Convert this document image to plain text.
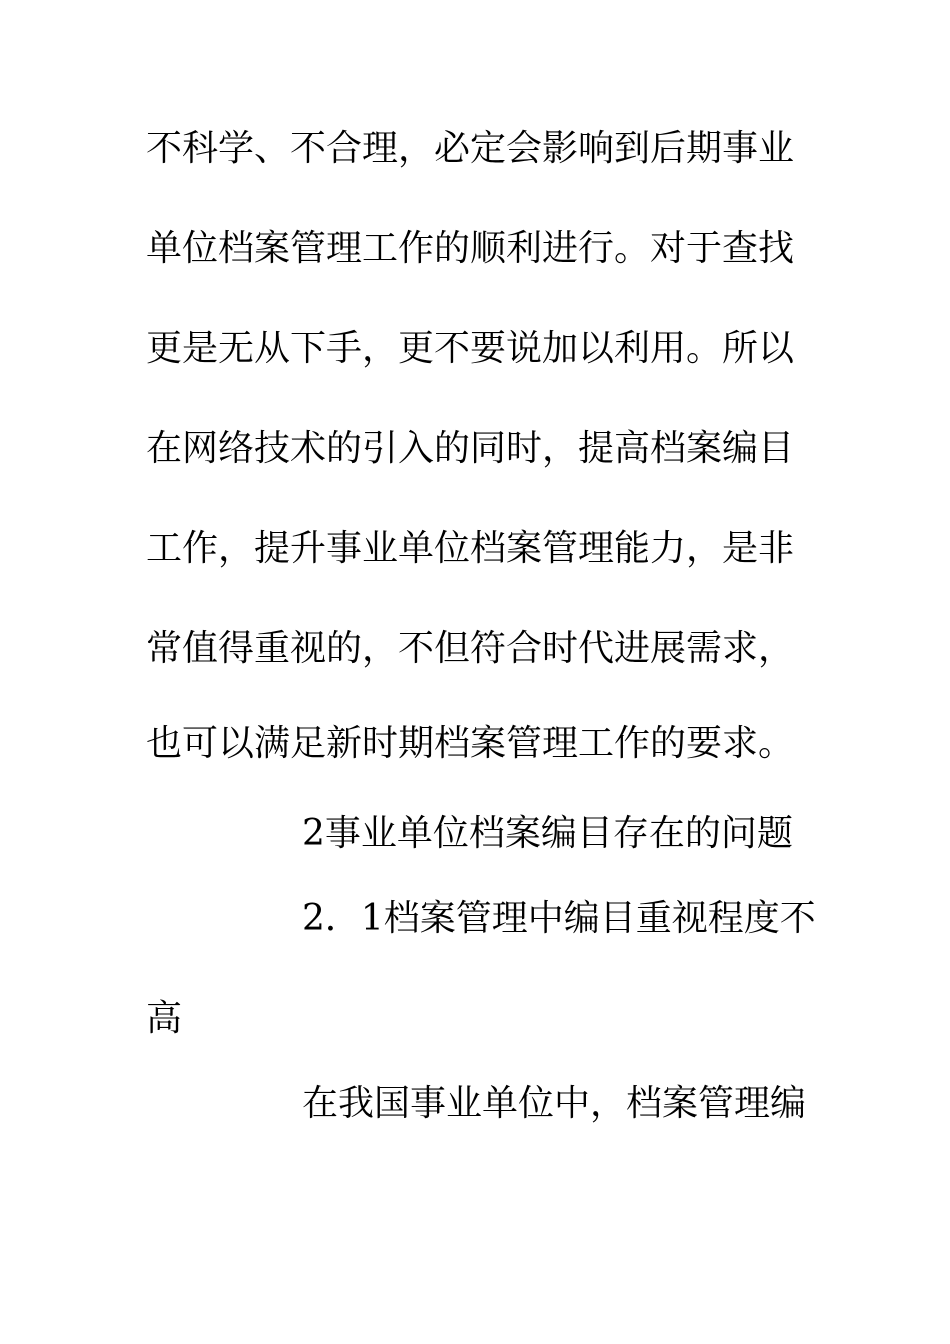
不科学、不合理，必定会影响到后期事业
单位档案管理工作的顺利进行。对于查找
更是无从下手，更不要说加以利用。所以
在网络技术的引入的同时，提高档案编目
工作，提升事业单位档案管理能力，是非
常值得重视的，不但符合时代进展需求，
也可以满足新时期档案管理工作的要求。
2事业单位档案编目存在的问题
2．1档案管理中编目重视程度不
高
在我国事业单位中，档案管理编
